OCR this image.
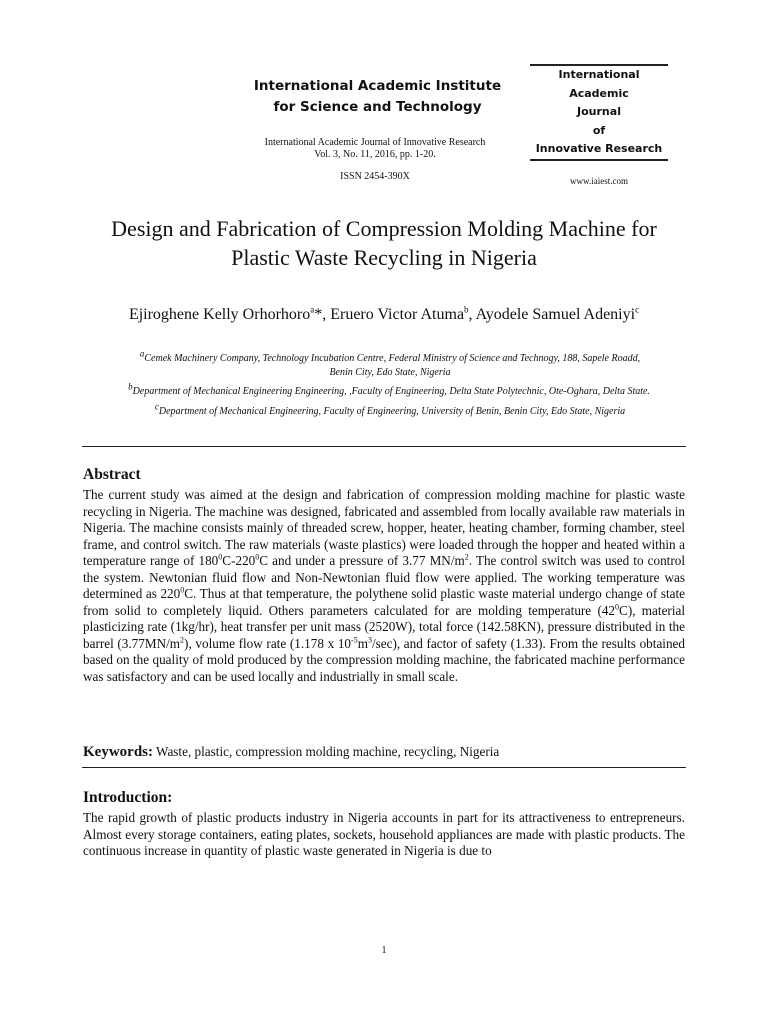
International Academic Institute
for Science and Technology
International Academic Journal of Innovative Research
Vol. 3, No. 11, 2016, pp. 1-20.
ISSN 2454-390X
International
Academic
Journal
of
Innovative Research
www.iaiest.com
Design and Fabrication of Compression Molding Machine for
Plastic Waste Recycling in Nigeria
Ejiroghene Kelly Orhorhoro$^a$*, Eruero Victor Atuma$^b$, Ayodele Samuel Adeniyi$^c$
$^a$Cemek Machinery Company, Technology Incubation Centre, Federal Ministry of Science and Technogy, 188, Sapele Roadd,
Benin City, Edo State, Nigeria
$^b$Department of Mechanical Engineering Engineering, ,Faculty of Engineering, Delta State Polytechnic, Ote-Oghara, Delta State.
$^c$Department of Mechanical Engineering, Faculty of Engineering, University of Benin, Benin City, Edo State, Nigeria
Abstract
The current study was aimed at the design and fabrication of compression molding machine for plastic waste recycling in Nigeria. The machine was designed, fabricated and assembled from locally available raw materials in Nigeria. The machine consists mainly of threaded screw, hopper, heater, heating chamber, forming chamber, steel frame, and control switch. The raw materials (waste plastics) were loaded through the hopper and heated within a temperature range of $180^0C-220^0C$ and under a pressure of 3.77 $MN/m^2$. The control switch was used to control the system. Newtonian fluid flow and Non-Newtonian fluid flow were applied. The working temperature was determined as $220^0C$. Thus at that temperature, the polythene solid plastic waste material undergo change of state from solid to completely liquid. Others parameters calculated for are molding temperature $(42^0C)$, material plasticizing rate (1kg/hr), heat transfer per unit mass (2520W), total force (142.58KN), pressure distributed in the barrel $(3.77MN/m^2)$, volume flow rate (1.178 x $10^{-5}m^3/\sec$), and factor of safety (1.33). From the results obtained based on the quality of mold produced by the compression molding machine, the fabricated machine performance was satisfactory and can be used locally and industrially in small scale.
Keywords: Waste, plastic, compression molding machine, recycling, Nigeria
Introduction:
The rapid growth of plastic products industry in Nigeria accounts in part for its attractiveness to entrepreneurs. Almost every storage containers, eating plates, sockets, household appliances are made with plastic products. The continuous increase in quantity of plastic waste generated in Nigeria is due to
1
